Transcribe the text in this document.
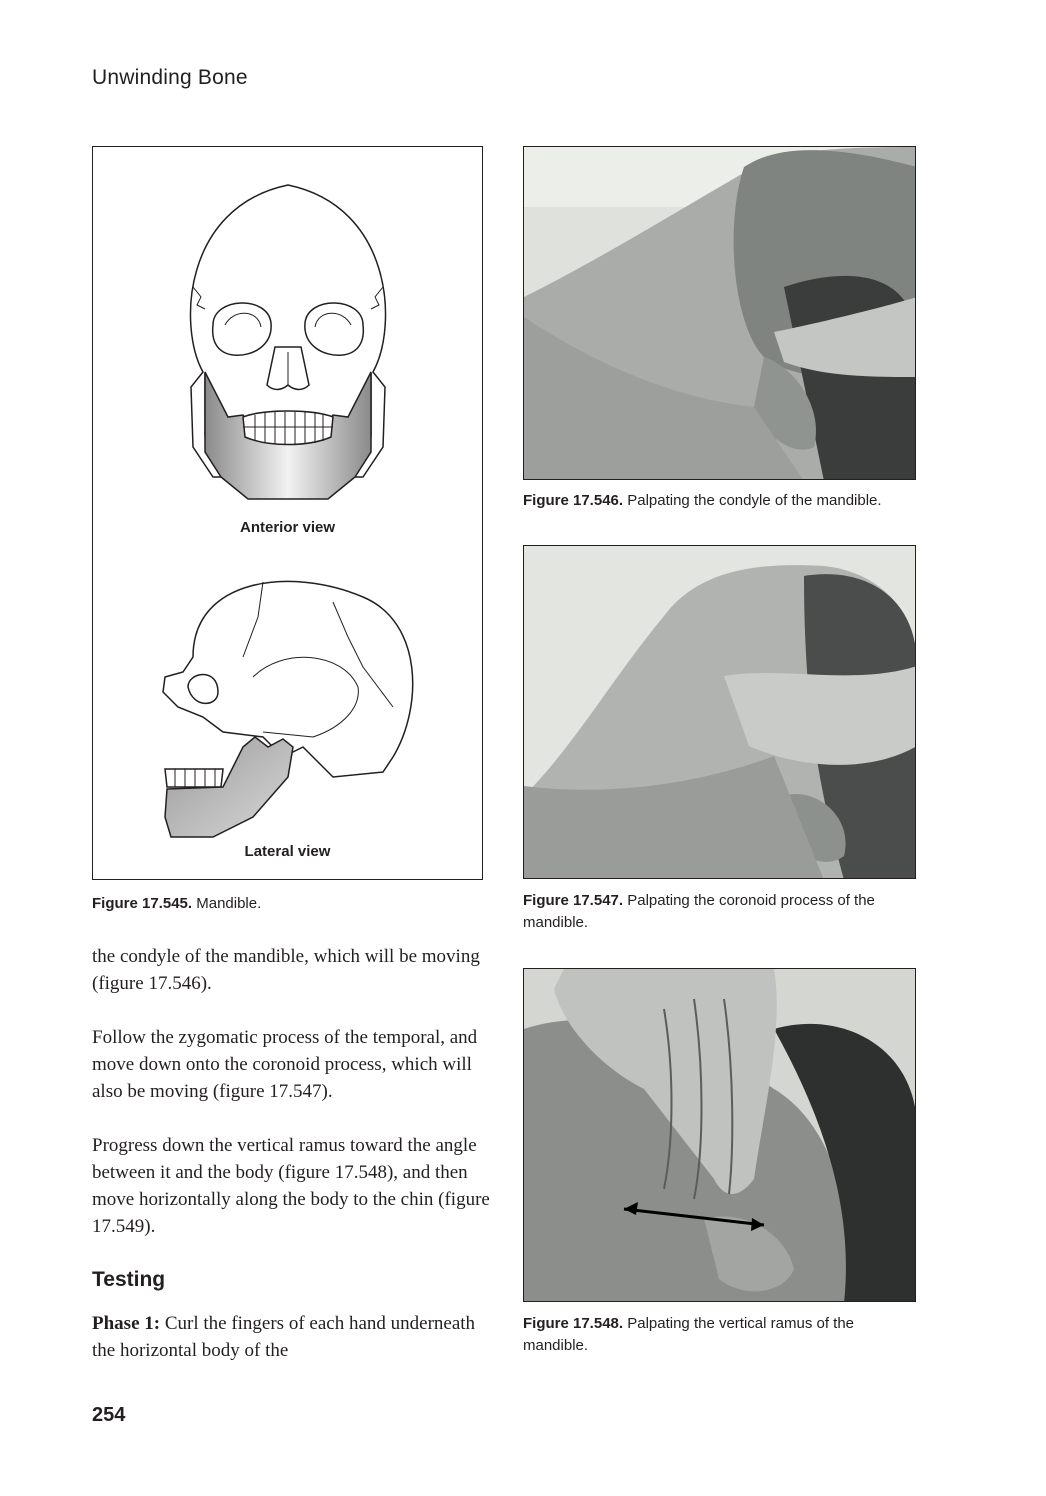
Unwinding Bone
Anterior view
Lateral view
Figure 17.545. Mandible.
Figure 17.546. Palpating the condyle of the mandible.
Figure 17.547. Palpating the coronoid process of the mandible.
Figure 17.548. Palpating the vertical ramus of the mandible.

the condyle of the mandible, which will be moving (figure 17.546).

Follow the zygomatic process of the temporal, and move down onto the coronoid process, which will also be moving (figure 17.547).

Progress down the vertical ramus toward the angle between it and the body (figure 17.548), and then move horizontally along the body to the chin (figure 17.549).

Testing
Phase 1: Curl the fingers of each hand underneath the horizontal body of the
254
